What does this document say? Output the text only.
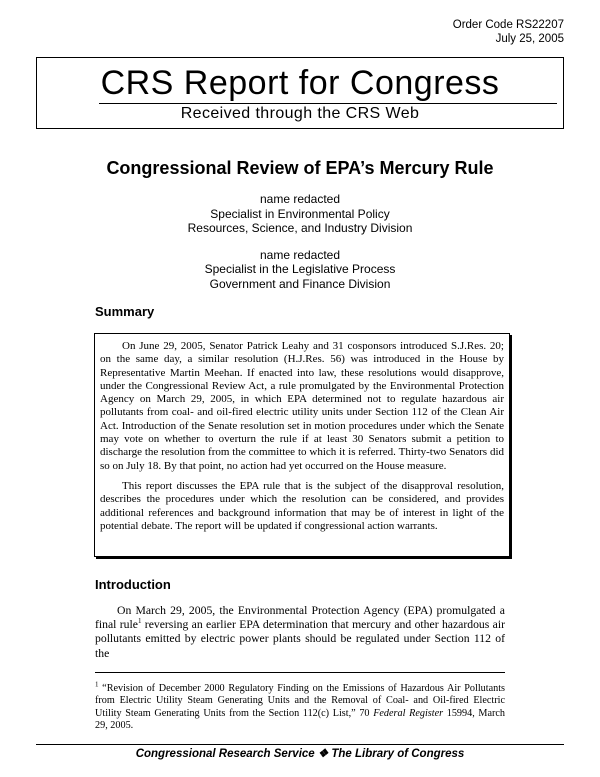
Order Code RS22207
July 25, 2005
CRS Report for Congress
Received through the CRS Web
Congressional Review of EPA’s Mercury Rule
name redacted
Specialist in Environmental Policy
Resources, Science, and Industry Division
name redacted
Specialist in the Legislative Process
Government and Finance Division
Summary

On June 29, 2005, Senator Patrick Leahy and 31 cosponsors introduced S.J.Res. 20; on the same day, a similar resolution (H.J.Res. 56) was introduced in the House by Representative Martin Meehan. If enacted into law, these resolutions would disapprove, under the Congressional Review Act, a rule promulgated by the Environmental Protection Agency on March 29, 2005, in which EPA determined not to regulate hazardous air pollutants from coal- and oil-fired electric utility units under Section 112 of the Clean Air Act. Introduction of the Senate resolution set in motion procedures under which the Senate may vote on whether to overturn the rule if at least 30 Senators submit a petition to discharge the resolution from the committee to which it is referred. Thirty-two Senators did so on July 18. By that point, no action had yet occurred on the House measure.

This report discusses the EPA rule that is the subject of the disapproval resolution, describes the procedures under which the resolution can be considered, and provides additional references and background information that may be of interest in light of the potential debate. The report will be updated if congressional action warrants.

Introduction

On March 29, 2005, the Environmental Protection Agency (EPA) promulgated a final rule$^1$ reversing an earlier EPA determination that mercury and other hazardous air pollutants emitted by electric power plants should be regulated under Section 112 of the

$^1$ “Revision of December 2000 Regulatory Finding on the Emissions of Hazardous Air Pollutants from Electric Utility Steam Generating Units and the Removal of Coal- and Oil-fired Electric Utility Steam Generating Units from the Section 112(c) List,” 70 Federal Register 15994, March 29, 2005.

Congressional Research Service ❖ The Library of Congress
